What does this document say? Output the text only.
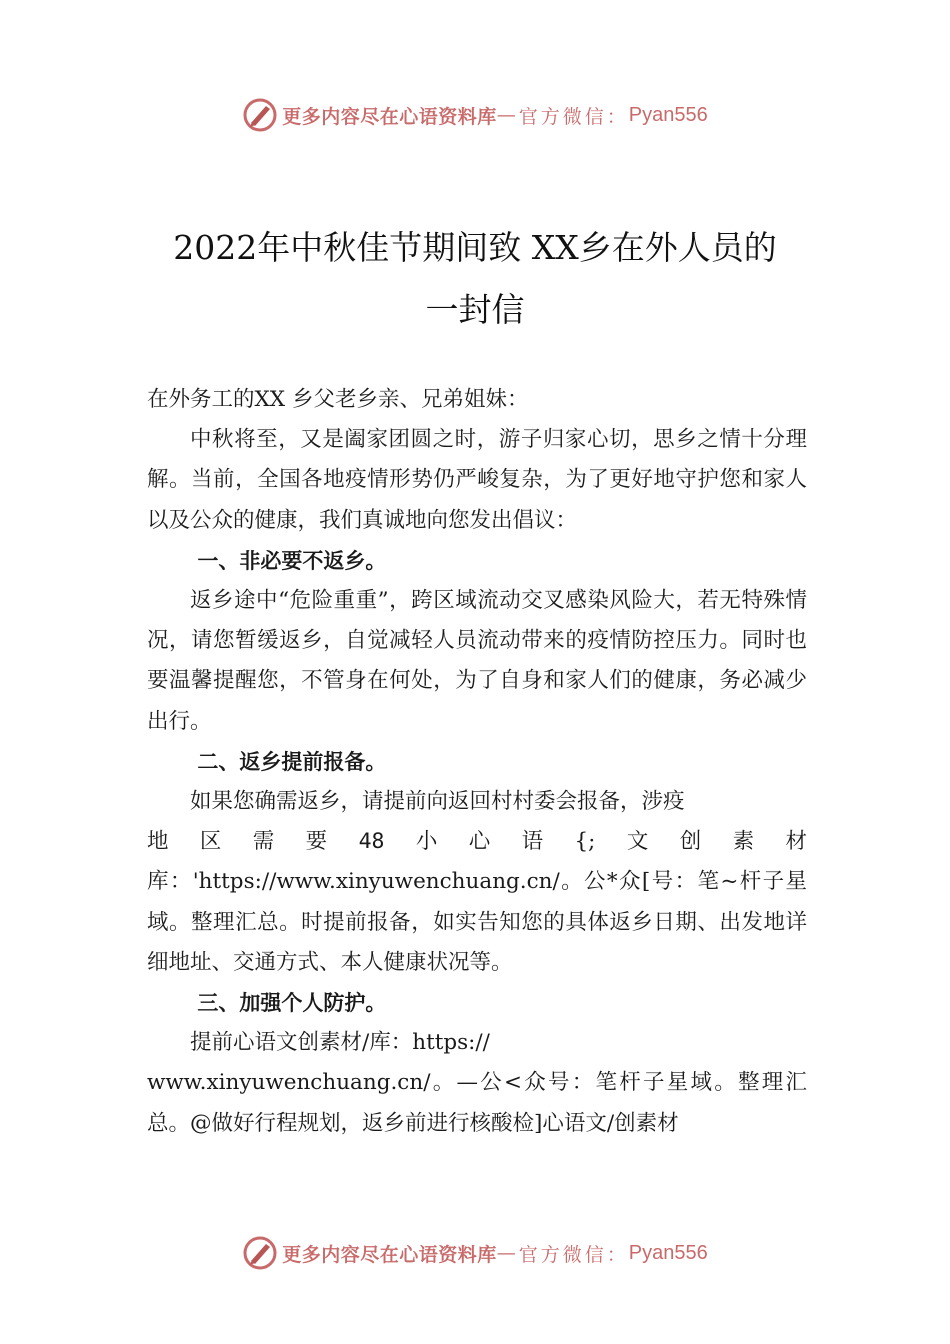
更多内容尽在心语资料库 — 官方微信： Pyan556
2022年中秋佳节期间致 XX乡在外人员的
一封信

在外务工的XX 乡父老乡亲、兄弟姐妹：

中秋将至，又是阖家团圆之时，游子归家心切，思乡之情十分理解。当前，全国各地疫情形势仍严峻复杂，为了更好地守护您和家人以及公众的健康，我们真诚地向您发出倡议：

一、非必要不返乡。

返乡途中“危险重重”，跨区域流动交叉感染风险大，若无特殊情况，请您暂缓返乡，自觉减轻人员流动带来的疫情防控压力。同时也要温馨提醒您，不管身在何处，为了自身和家人们的健康，务必减少出行。

二、返乡提前报备。

如果您确需返乡，请提前向返回村村委会报备，涉疫

地 区 需 要 48 小 心 语 {; 文 创 素 材

库：'https://www.xinyuwenchuang.cn/。公*众[号：笔~杆子星域。整理汇总。时提前报备，如实告知您的具体返乡日期、出发地详细地址、交通方式、本人健康状况等。

三、加强个人防护。

提前心语文创素材/库：https://

www.xinyuwenchuang.cn/。—公<众号：笔杆子星域。整理汇总。@做好行程规划，返乡前进行核酸检]心语文/创素材

更多内容尽在心语资料库 — 官方微信： Pyan556
